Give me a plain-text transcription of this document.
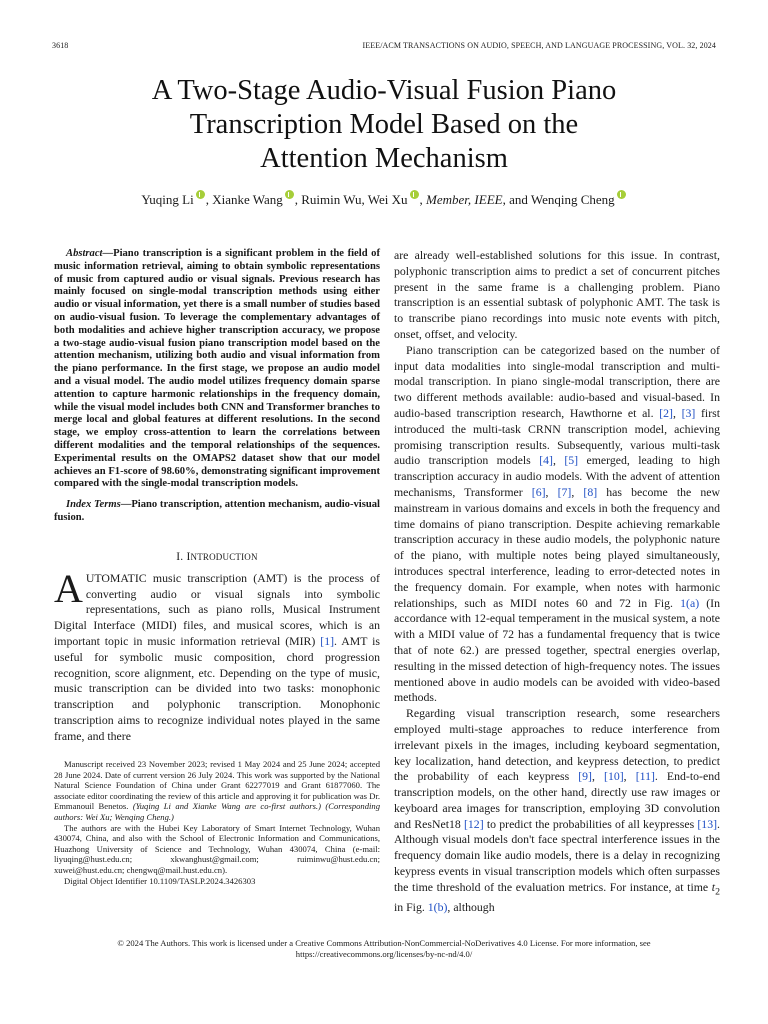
3618	IEEE/ACM TRANSACTIONS ON AUDIO, SPEECH, AND LANGUAGE PROCESSING, VOL. 32, 2024
A Two-Stage Audio-Visual Fusion Piano
Transcription Model Based on the
Attention Mechanism
Yuqing Li , Xianke Wang , Ruimin Wu, Wei Xu , Member, IEEE, and Wenqing Cheng

Abstract—Piano transcription is a significant problem in the field of music information retrieval, aiming to obtain symbolic representations of music from captured audio or visual signals. Previous research has mainly focused on single-modal transcription methods using either audio or visual information, yet there is a small number of studies based on audio-visual fusion. To leverage the complementary advantages of both modalities and achieve higher transcription accuracy, we propose a two-stage audio-visual fusion piano transcription model based on the attention mechanism, utilizing both audio and visual information from the piano performance. In the first stage, we propose an audio model and a visual model. The audio model utilizes frequency domain sparse attention to capture harmonic relationships in the frequency domain, while the visual model includes both CNN and Transformer branches to merge local and global features at different resolutions. In the second stage, we employ cross-attention to learn the correlations between different modalities and the temporal relationships of the sequences. Experimental results on the OMAPS2 dataset show that our model achieves an F1-score of 98.60%, demonstrating significant improvement compared with the single-modal transcription models.

Index Terms—Piano transcription, attention mechanism, audio-visual fusion.

I. INTRODUCTION

AUTOMATIC music transcription (AMT) is the process of converting audio or visual signals into symbolic representations, such as piano rolls, Musical Instrument Digital Interface (MIDI) files, and musical scores, which is an important topic in music information retrieval (MIR) [1]. AMT is useful for symbolic music composition, chord progression recognition, score alignment, etc. Depending on the type of music, music transcription can be divided into two tasks: monophonic transcription and polyphonic transcription. Monophonic transcription aims to recognize individual notes played in the same frame, and there

Manuscript received 23 November 2023; revised 1 May 2024 and 25 June 2024; accepted 28 June 2024. Date of current version 26 July 2024. This work was supported by the National Natural Science Foundation of China under Grant 62277019 and Grant 61877060. The associate editor coordinating the review of this article and approving it for publication was Dr. Emmanouil Benetos. (Yuqing Li and Xianke Wang are co-first authors.) (Corresponding authors: Wei Xu; Wenqing Cheng.)

The authors are with the Hubei Key Laboratory of Smart Internet Technology, Wuhan 430074, China, and also with the School of Electronic Information and Communications, Huazhong University of Science and Technology, Wuhan 430074, China (e-mail: liyuqing@hust.edu.cn; xkwanghust@gmail.com; ruiminwu@hust.edu.cn; xuwei@hust.edu.cn; chengwq@mail.hust.edu.cn).

Digital Object Identifier 10.1109/TASLP.2024.3426303

are already well-established solutions for this issue. In contrast, polyphonic transcription aims to predict a set of concurrent pitches present in the same frame is a challenging problem. Piano transcription is an essential subtask of polyphonic AMT. The task is to transcribe piano recordings into music note events with pitch, onset, offset, and velocity.

Piano transcription can be categorized based on the number of input data modalities into single-modal transcription and multi-modal transcription. In piano single-modal transcription, there are two different methods available: audio-based and visual-based. In audio-based transcription research, Hawthorne et al. [2], [3] first introduced the multi-task CRNN transcription model, achieving promising transcription results. Subsequently, various multi-task audio transcription models [4], [5] emerged, leading to high transcription accuracy in audio models. With the advent of attention mechanisms, Transformer [6], [7], [8] has become the new mainstream in various domains and excels in both the frequency and time domains of piano transcription. Despite achieving remarkable transcription accuracy in these audio models, the polyphonic nature of the piano, with multiple notes being played simultaneously, introduces spectral interference, leading to error-detected notes in the frequency domain. For example, when notes with harmonic relationships, such as MIDI notes 60 and 72 in Fig. 1(a) (In accordance with 12-equal temperament in the musical system, a note with a MIDI value of 72 has a fundamental frequency that is twice that of note 62.) are pressed together, spectral energies overlap, resulting in the missed detection of high-frequency notes. The issues mentioned above in audio models can be avoided with video-based methods.

Regarding visual transcription research, some researchers employed multi-stage approaches to reduce interference from irrelevant pixels in the images, including keyboard segmentation, key localization, hand detection, and keypress detection, to predict the probability of each keypress [9], [10], [11]. End-to-end transcription models, on the other hand, directly use raw images or keyboard area images for transcription, employing 3D convolution and ResNet18 [12] to predict the probabilities of all keypresses [13]. Although visual models don't face spectral interference issues in the frequency domain like audio models, there is a delay in recognizing keypress events in visual transcription models which often surpasses the time threshold of the evaluation metrics. For instance, at time $t_2$ in Fig. 1(b), although

© 2024 The Authors. This work is licensed under a Creative Commons Attribution-NonCommercial-NoDerivatives 4.0 License. For more information, see
https://creativecommons.org/licenses/by-nc-nd/4.0/
